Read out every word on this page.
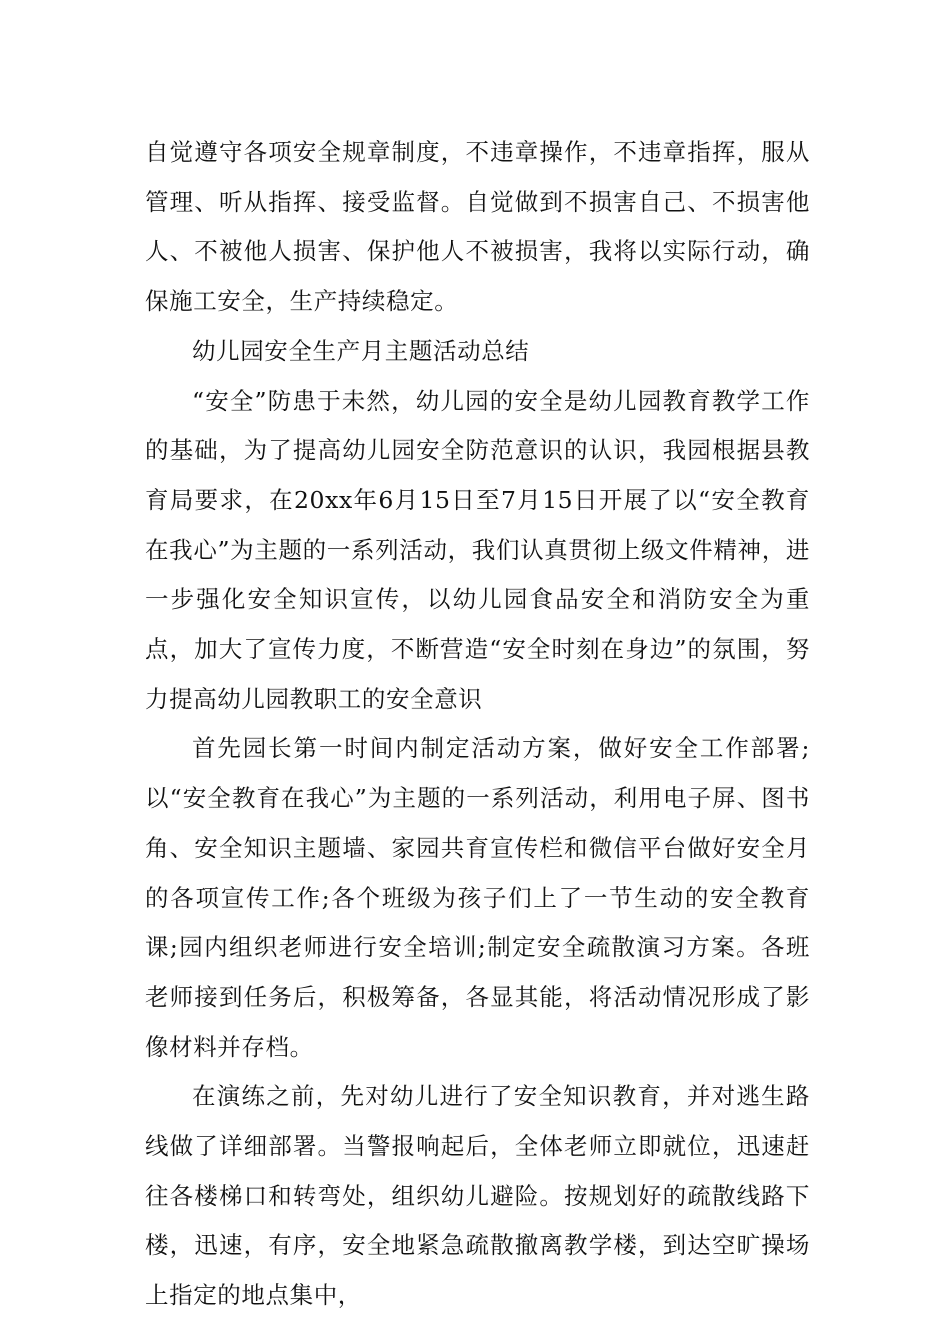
自觉遵守各项安全规章制度，不违章操作，不违章指挥，服从管理、听从指挥、接受监督。自觉做到不损害自己、不损害他人、不被他人损害、保护他人不被损害，我将以实际行动，确保施工安全，生产持续稳定。
幼儿园安全生产月主题活动总结
“安全”防患于未然，幼儿园的安全是幼儿园教育教学工作的基础，为了提高幼儿园安全防范意识的认识，我园根据县教育局要求，在20xx年6月15日至7月15日开展了以“安全教育在我心”为主题的一系列活动，我们认真贯彻上级文件精神，进一步强化安全知识宣传，以幼儿园食品安全和消防安全为重点，加大了宣传力度，不断营造“安全时刻在身边”的氛围，努力提高幼儿园教职工的安全意识
首先园长第一时间内制定活动方案，做好安全工作部署;以“安全教育在我心”为主题的一系列活动，利用电子屏、图书角、安全知识主题墙、家园共育宣传栏和微信平台做好安全月的各项宣传工作;各个班级为孩子们上了一节生动的安全教育课;园内组织老师进行安全培训;制定安全疏散演习方案。各班老师接到任务后，积极筹备，各显其能，将活动情况形成了影像材料并存档。
在演练之前，先对幼儿进行了安全知识教育，并对逃生路线做了详细部署。当警报响起后，全体老师立即就位，迅速赶往各楼梯口和转弯处，组织幼儿避险。按规划好的疏散线路下楼，迅速，有序，安全地紧急疏散撤离教学楼，到达空旷操场上指定的地点集中，
